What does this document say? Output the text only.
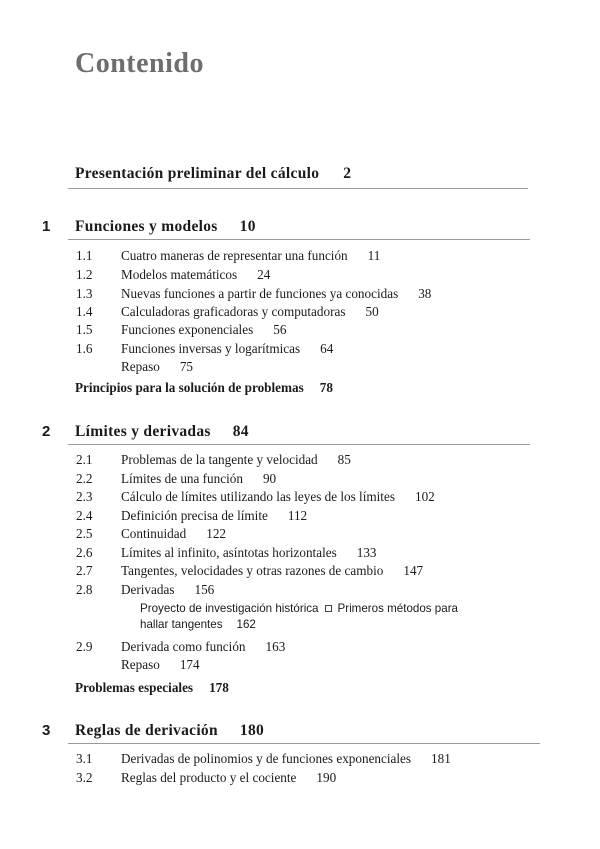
Contenido
Presentación preliminar del cálculo 2
1 Funciones y modelos 10
1.1 Cuatro maneras de representar una función 11
1.2 Modelos matemáticos 24
1.3 Nuevas funciones a partir de funciones ya conocidas 38
1.4 Calculadoras graficadoras y computadoras 50
1.5 Funciones exponenciales 56
1.6 Funciones inversas y logarítmicas 64
Repaso 75
Principios para la solución de problemas 78
2 Límites y derivadas 84
2.1 Problemas de la tangente y velocidad 85
2.2 Límites de una función 90
2.3 Cálculo de límites utilizando las leyes de los límites 102
2.4 Definición precisa de límite 112
2.5 Continuidad 122
2.6 Límites al infinito, asíntotas horizontales 133
2.7 Tangentes, velocidades y otras razones de cambio 147
2.8 Derivadas 156
Proyecto de investigación histórica Primeros métodos para
hallar tangentes 162
2.9 Derivada como función 163
Repaso 174
Problemas especiales 178
3 Reglas de derivación 180
3.1 Derivadas de polinomios y de funciones exponenciales 181
3.2 Reglas del producto y el cociente 190
